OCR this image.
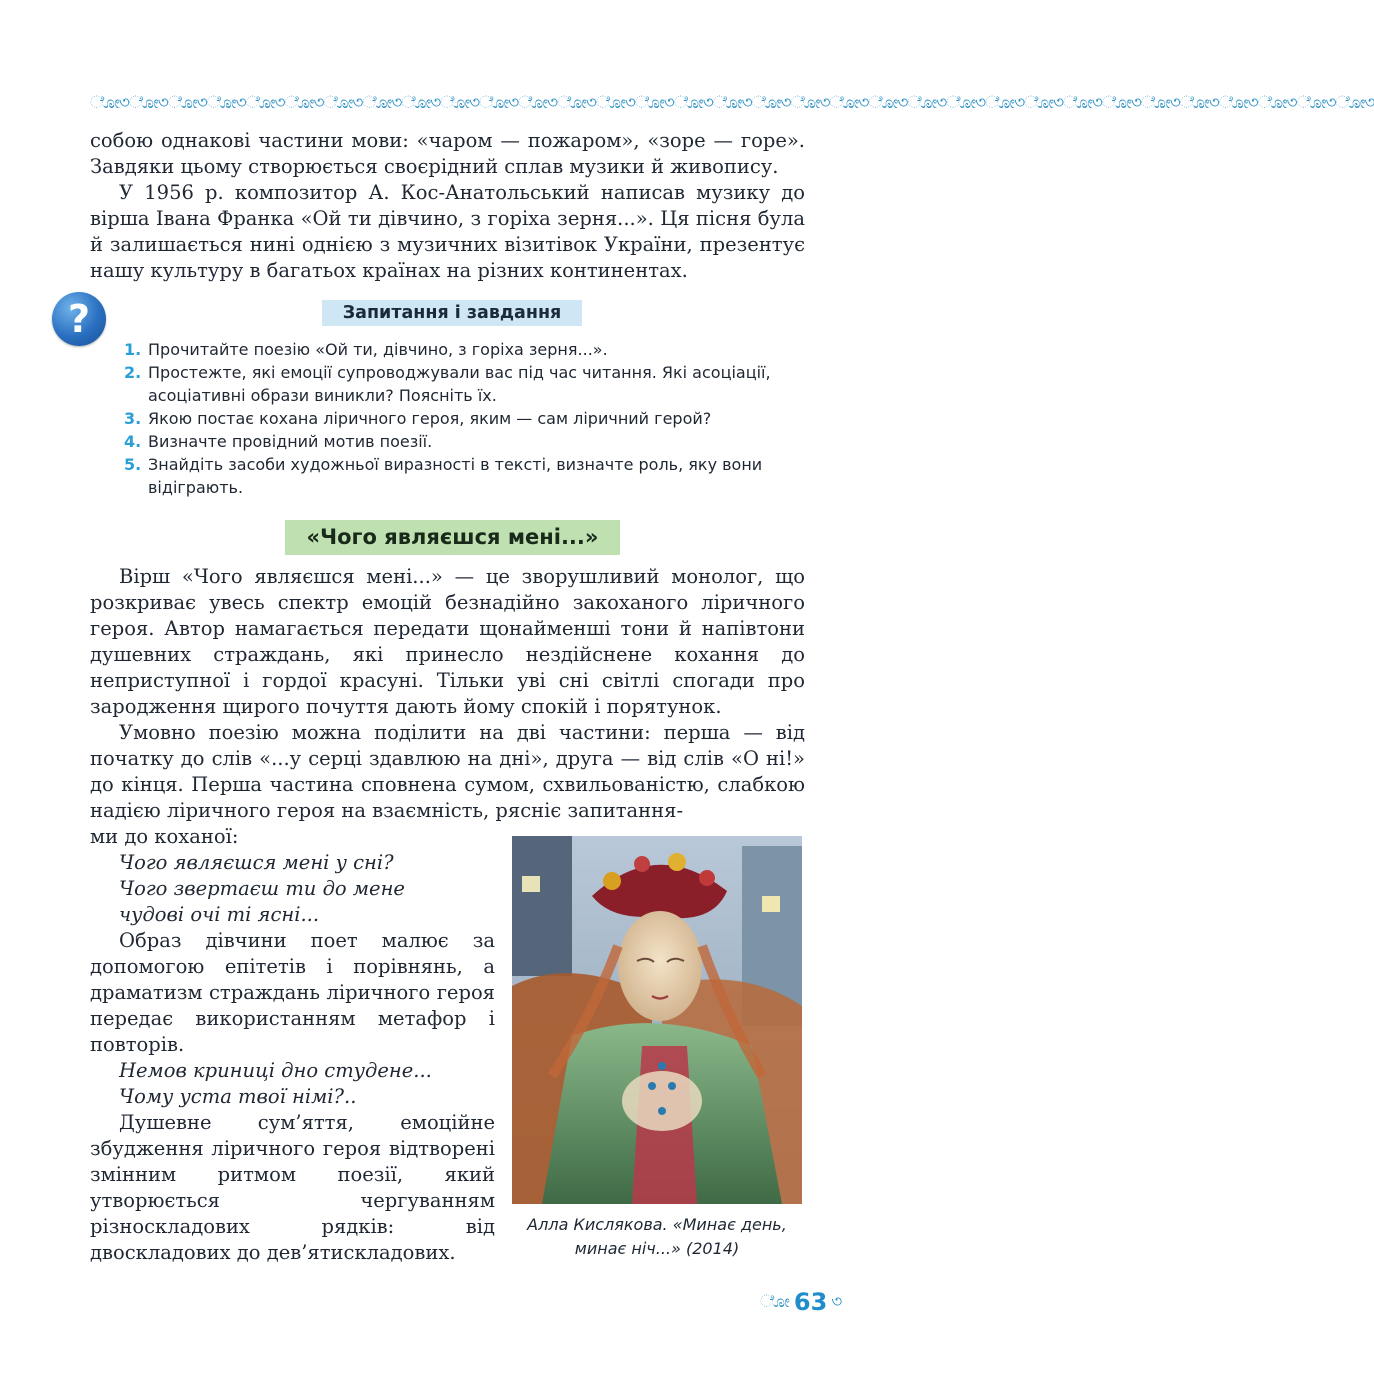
ೋ৩ೋ৩ೋ৩ೋ৩ೋ৩ೋ৩ೋ৩ೋ৩ೋ৩ೋ৩ೋ৩ೋ৩ೋ৩ೋ৩ೋ৩ೋ৩ೋ৩ೋ৩ೋ৩ೋ৩ೋ৩ೋ৩ೋ৩ೋ৩ೋ৩ೋ৩ೋ৩ೋ৩ೋ৩ೋ৩ೋ৩ೋ৩ೋ৩

собою однакові частини мови: «чаром — пожаром», «зоре — горе». Завдяки цьому створюється своєрідний сплав музики й живопису.

У 1956 р. композитор А. Кос-Анатольський написав музику до вірша Івана Франка «Ой ти дівчино, з горіха зерня...». Ця пісня була й залишається нині однією з музичних візитівок України, презентує нашу культуру в багатьох країнах на різних континентах.

?	Запитання і завдання
1. Прочитайте поезію «Ой ти, дівчино, з горіха зерня...».
2. Простежте, які емоції супроводжували вас під час читання. Які асоціації, асоціативні образи виникли? Поясніть їх.
3. Якою постає кохана ліричного героя, яким — сам ліричний герой?
4. Визначте провідний мотив поезії.
5. Знайдіть засоби художньої виразності в тексті, визначте роль, яку вони відіграють.
«Чого являєшся мені...»

Вірш «Чого являєшся мені...» — це зворушливий монолог, що розкриває увесь спектр емоцій безнадійно закоханого ліричного героя. Автор намагається передати щонайменші тони й напівтони душевних страждань, які принесло нездійснене кохання до неприступної і гордої красуні. Тільки уві сні світлі спогади про зародження щирого почуття дають йому спокій і порятунок.

Умовно поезію можна поділити на дві частини: перша — від початку до слів «...у серці здавлюю на дні», друга — від слів «О ні!» до кінця. Перша частина сповнена сумом, схвильованістю, слабкою надією ліричного героя на взаємність, рясніє запитання-

ми до коханої:

Чого являєшся мені у сні?

Чого звертаєш ти до мене

чудові очі ті ясні...

Образ дівчини поет малює за допомогою епітетів і порівнянь, а драматизм страждань ліричного героя передає використанням метафор і повторів.

Немов криниці дно студене...

Чому уста твої німі?..

Душевне сум’яття, емоційне збудження ліричного героя відтворені змінним ритмом поезії, який утворюється чергуванням різноскладових рядків: від двоскладових до дев’ятискладових.

Алла Кислякова. «Минає день,
минає ніч...» (2014)

ೋ 63 ৩
